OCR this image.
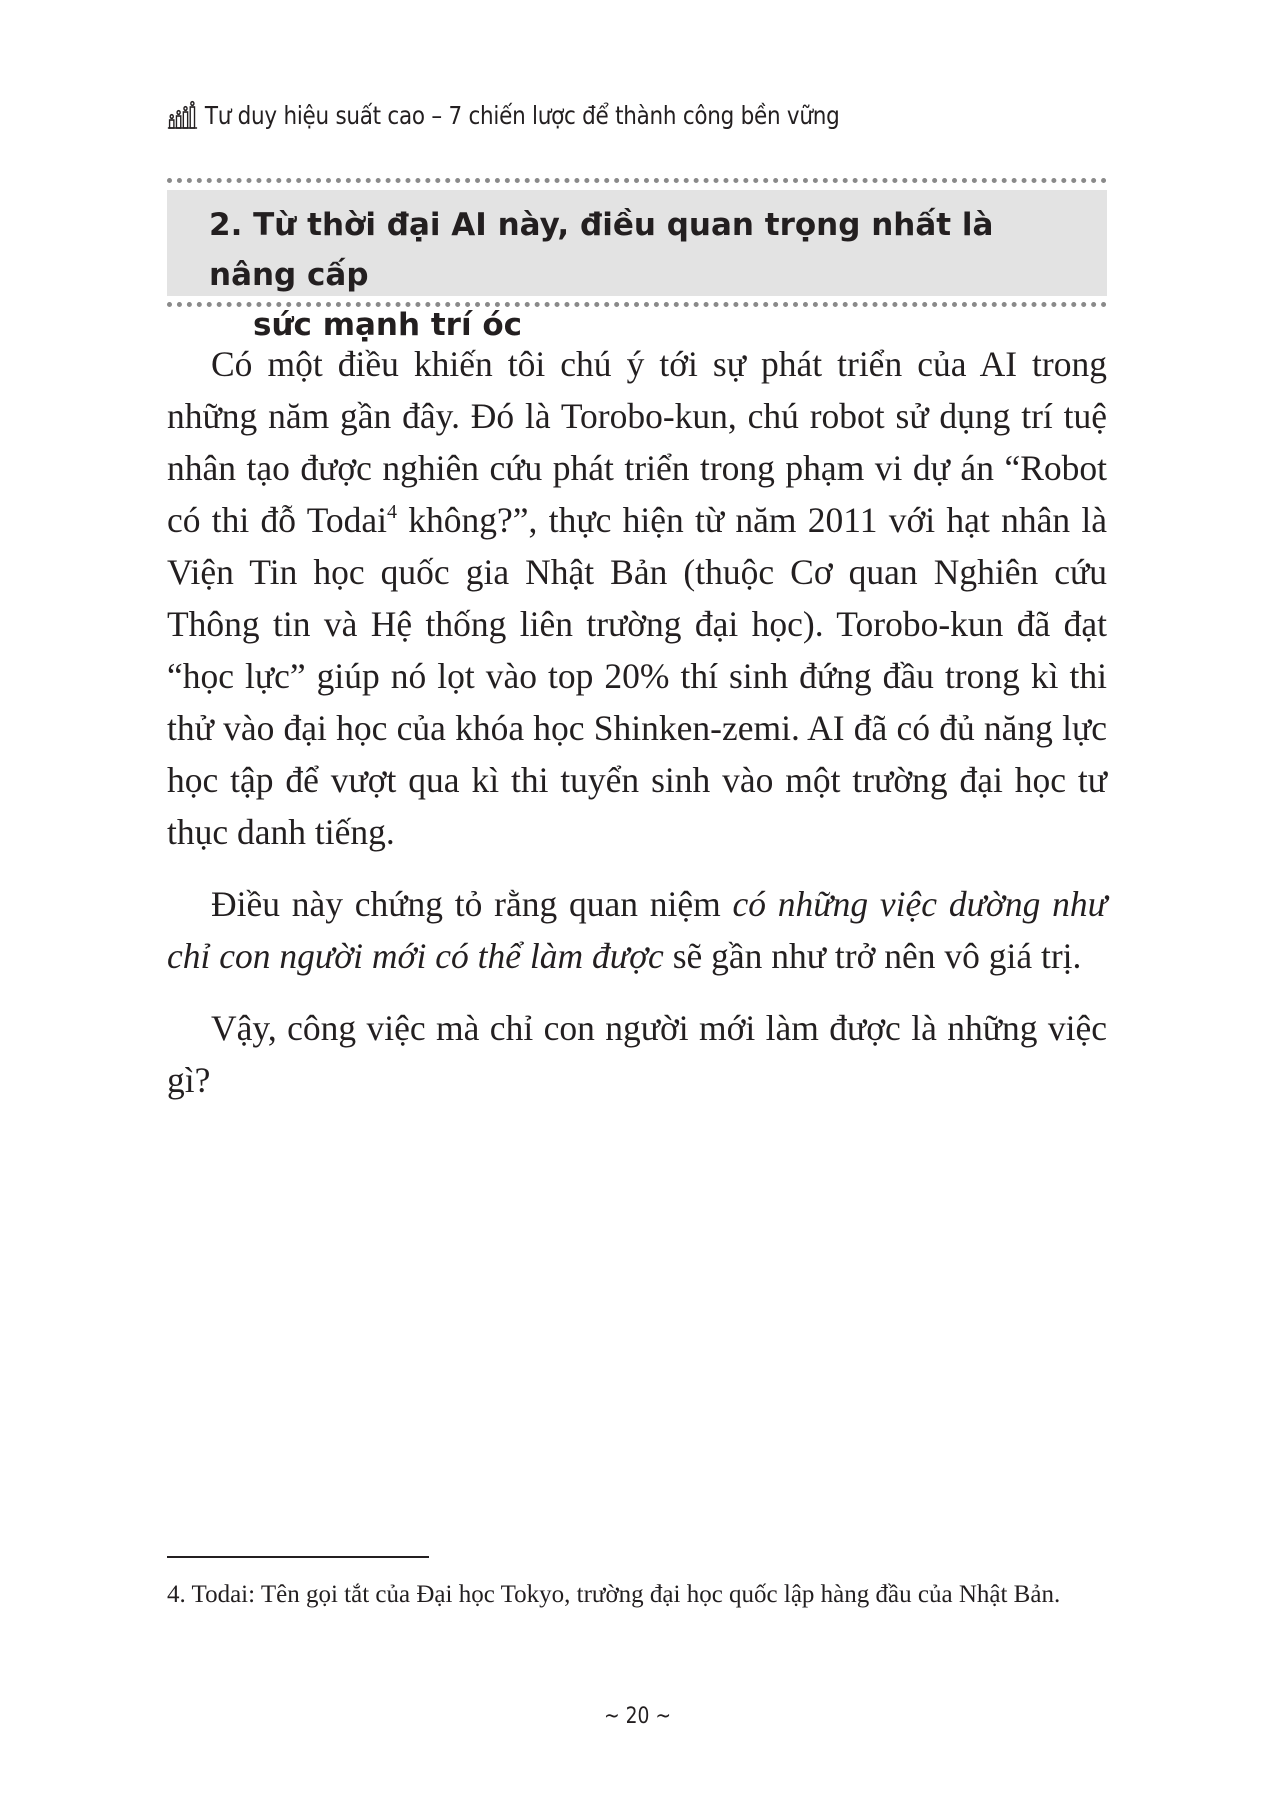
Tư duy hiệu suất cao – 7 chiến lược để thành công bền vững
2. Từ thời đại AI này, điều quan trọng nhất là nâng cấp
sức mạnh trí óc

Có một điều khiến tôi chú ý tới sự phát triển của AI trong những năm gần đây. Đó là Torobo-kun, chú robot sử dụng trí tuệ nhân tạo được nghiên cứu phát triển trong phạm vi dự án “Robot có thi đỗ Todai$^4$ không?”, thực hiện từ năm 2011 với hạt nhân là Viện Tin học quốc gia Nhật Bản (thuộc Cơ quan Nghiên cứu Thông tin và Hệ thống liên trường đại học). Torobo-kun đã đạt “học lực” giúp nó lọt vào top 20% thí sinh đứng đầu trong kì thi thử vào đại học của khóa học Shinken-zemi. AI đã có đủ năng lực học tập để vượt qua kì thi tuyển sinh vào một trường đại học tư thục danh tiếng.

Điều này chứng tỏ rằng quan niệm có những việc dường như chỉ con người mới có thể làm được sẽ gần như trở nên vô giá trị.

Vậy, công việc mà chỉ con người mới làm được là những việc gì?

4. Todai: Tên gọi tắt của Đại học Tokyo, trường đại học quốc lập hàng đầu của Nhật Bản.
~ 20 ~
